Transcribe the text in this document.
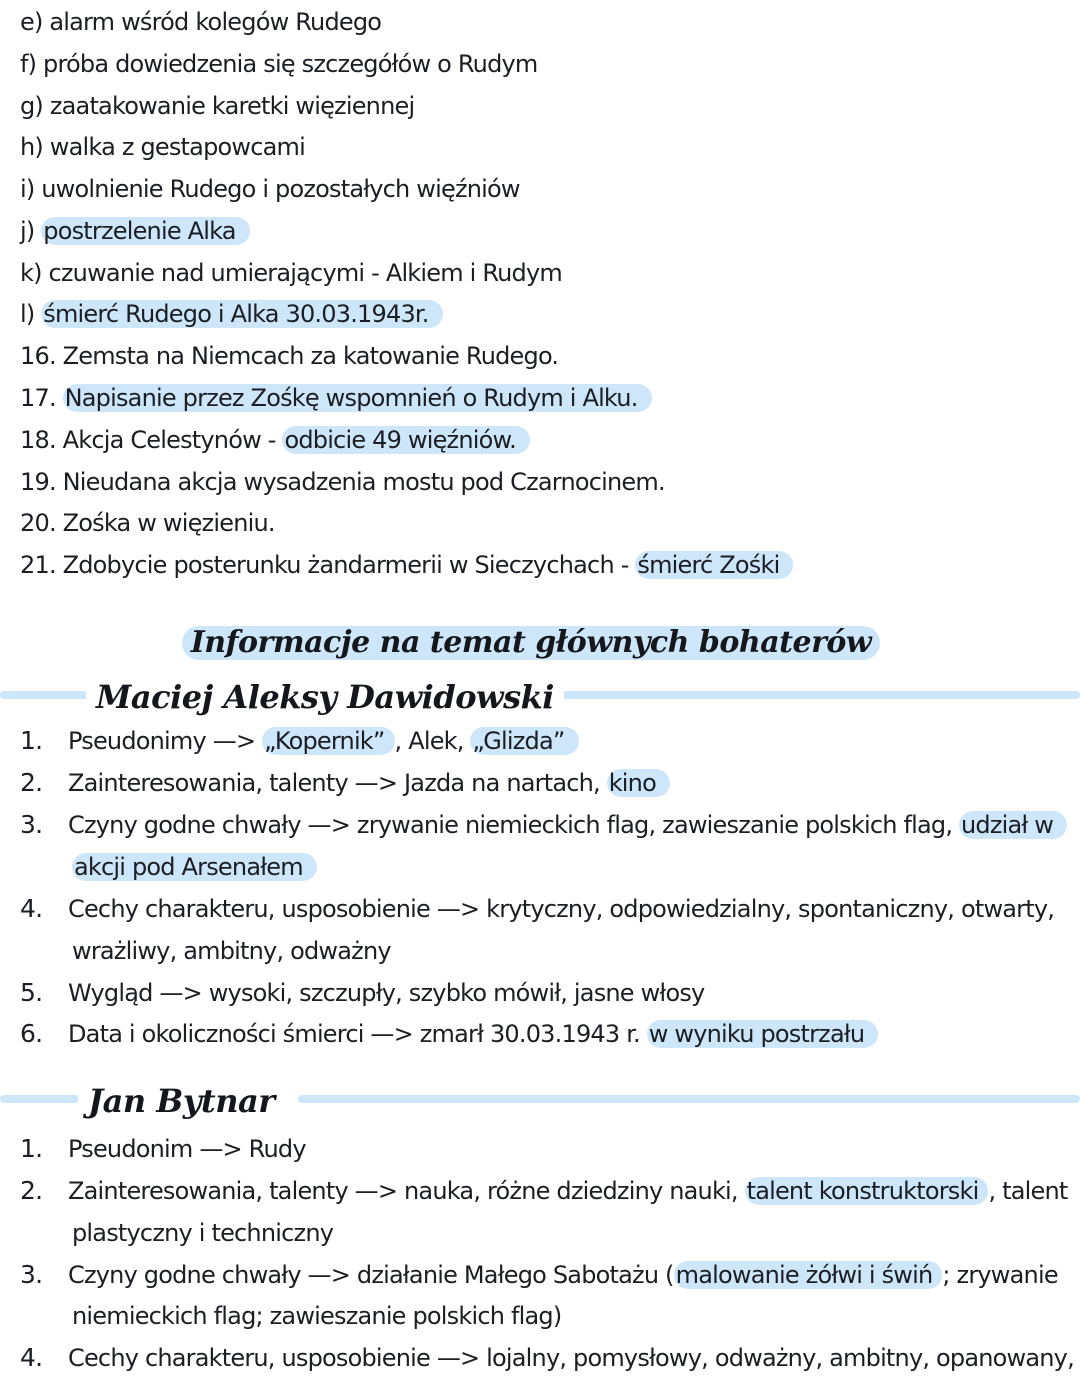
e) alarm wśród kolegów Rudego
f) próba dowiedzenia się szczegółów o Rudym
g) zaatakowanie karetki więziennej
h) walka z gestapowcami
i) uwolnienie Rudego i pozostałych więźniów
j) postrzelenie Alka
k) czuwanie nad umierającymi - Alkiem i Rudym
l) śmierć Rudego i Alka 30.03.1943r.
16. Zemsta na Niemcach za katowanie Rudego.
17. Napisanie przez Zośkę wspomnień o Rudym i Alku.
18. Akcja Celestynów - odbicie 49 więźniów.
19. Nieudana akcja wysadzenia mostu pod Czarnocinem.
20. Zośka w więzieniu.
21. Zdobycie posterunku żandarmerii w Sieczychach - śmierć Zośki
Informacje na temat głównych bohaterów
Maciej Aleksy Dawidowski
1. Pseudonimy —> „Kopernik” , Alek, „Glizda”
2. Zainteresowania, talenty —> Jazda na nartach, kino
3. Czyny godne chwały —> zrywanie niemieckich flag, zawieszanie polskich flag, udział w
akcji pod Arsenałem
4. Cechy charakteru, usposobienie —> krytyczny, odpowiedzialny, spontaniczny, otwarty,
wrażliwy, ambitny, odważny
5. Wygląd —> wysoki, szczupły, szybko mówił, jasne włosy
6. Data i okoliczności śmierci —> zmarł 30.03.1943 r. w wyniku postrzału
Jan Bytnar
1. Pseudonim —> Rudy
2. Zainteresowania, talenty —> nauka, różne dziedziny nauki, talent konstruktorski , talent
plastyczny i techniczny
3. Czyny godne chwały —> działanie Małego Sabotażu (malowanie żółwi i świń ; zrywanie
niemieckich flag; zawieszanie polskich flag)
4. Cechy charakteru, usposobienie —> lojalny, pomysłowy, odważny, ambitny, opanowany,
